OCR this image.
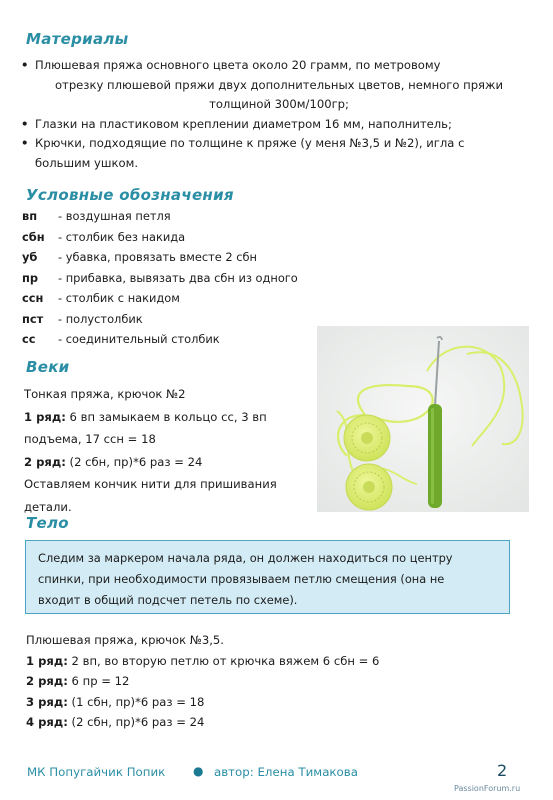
Материалы
• Плюшевая пряжа основного цвета около 20 грамм, по метровому
отрезку плюшевой пряжи двух дополнительных цветов, немного пряжи
толщиной 300м/100гр;
• Глазки на пластиковом креплении диаметром 16 мм, наполнитель;
• Крючки, подходящие по толщине к пряже (у меня №3,5 и №2), игла с
большим ушком.
Условные обозначения
вп - воздушная петля
сбн - столбик без накида
уб - убавка, провязать вместе 2 сбн
пр - прибавка, вывязать два сбн из одного
ссн - столбик с накидом
пст - полустолбик
сс - соединительный столбик
Веки
Тонкая пряжа, крючок №2
1 ряд: 6 вп замыкаем в кольцо сс, 3 вп
подъема, 17 ссн = 18
2 ряд: (2 сбн, пр)*6 раз = 24
Оставляем кончик нити для пришивания
детали.
Тело
Следим за маркером начала ряда, он должен находиться по центру
спинки, при необходимости провязываем петлю смещения (она не
входит в общий подсчет петель по схеме).
Плюшевая пряжа, крючок №3,5.
1 ряд: 2 вп, во вторую петлю от крючка вяжем 6 сбн = 6
2 ряд: 6 пр = 12
3 ряд: (1 сбн, пр)*6 раз = 18
4 ряд: (2 сбн, пр)*6 раз = 24
МК Попугайчик Попик ● автор: Елена Тимакова	2
PassionForum.ru
